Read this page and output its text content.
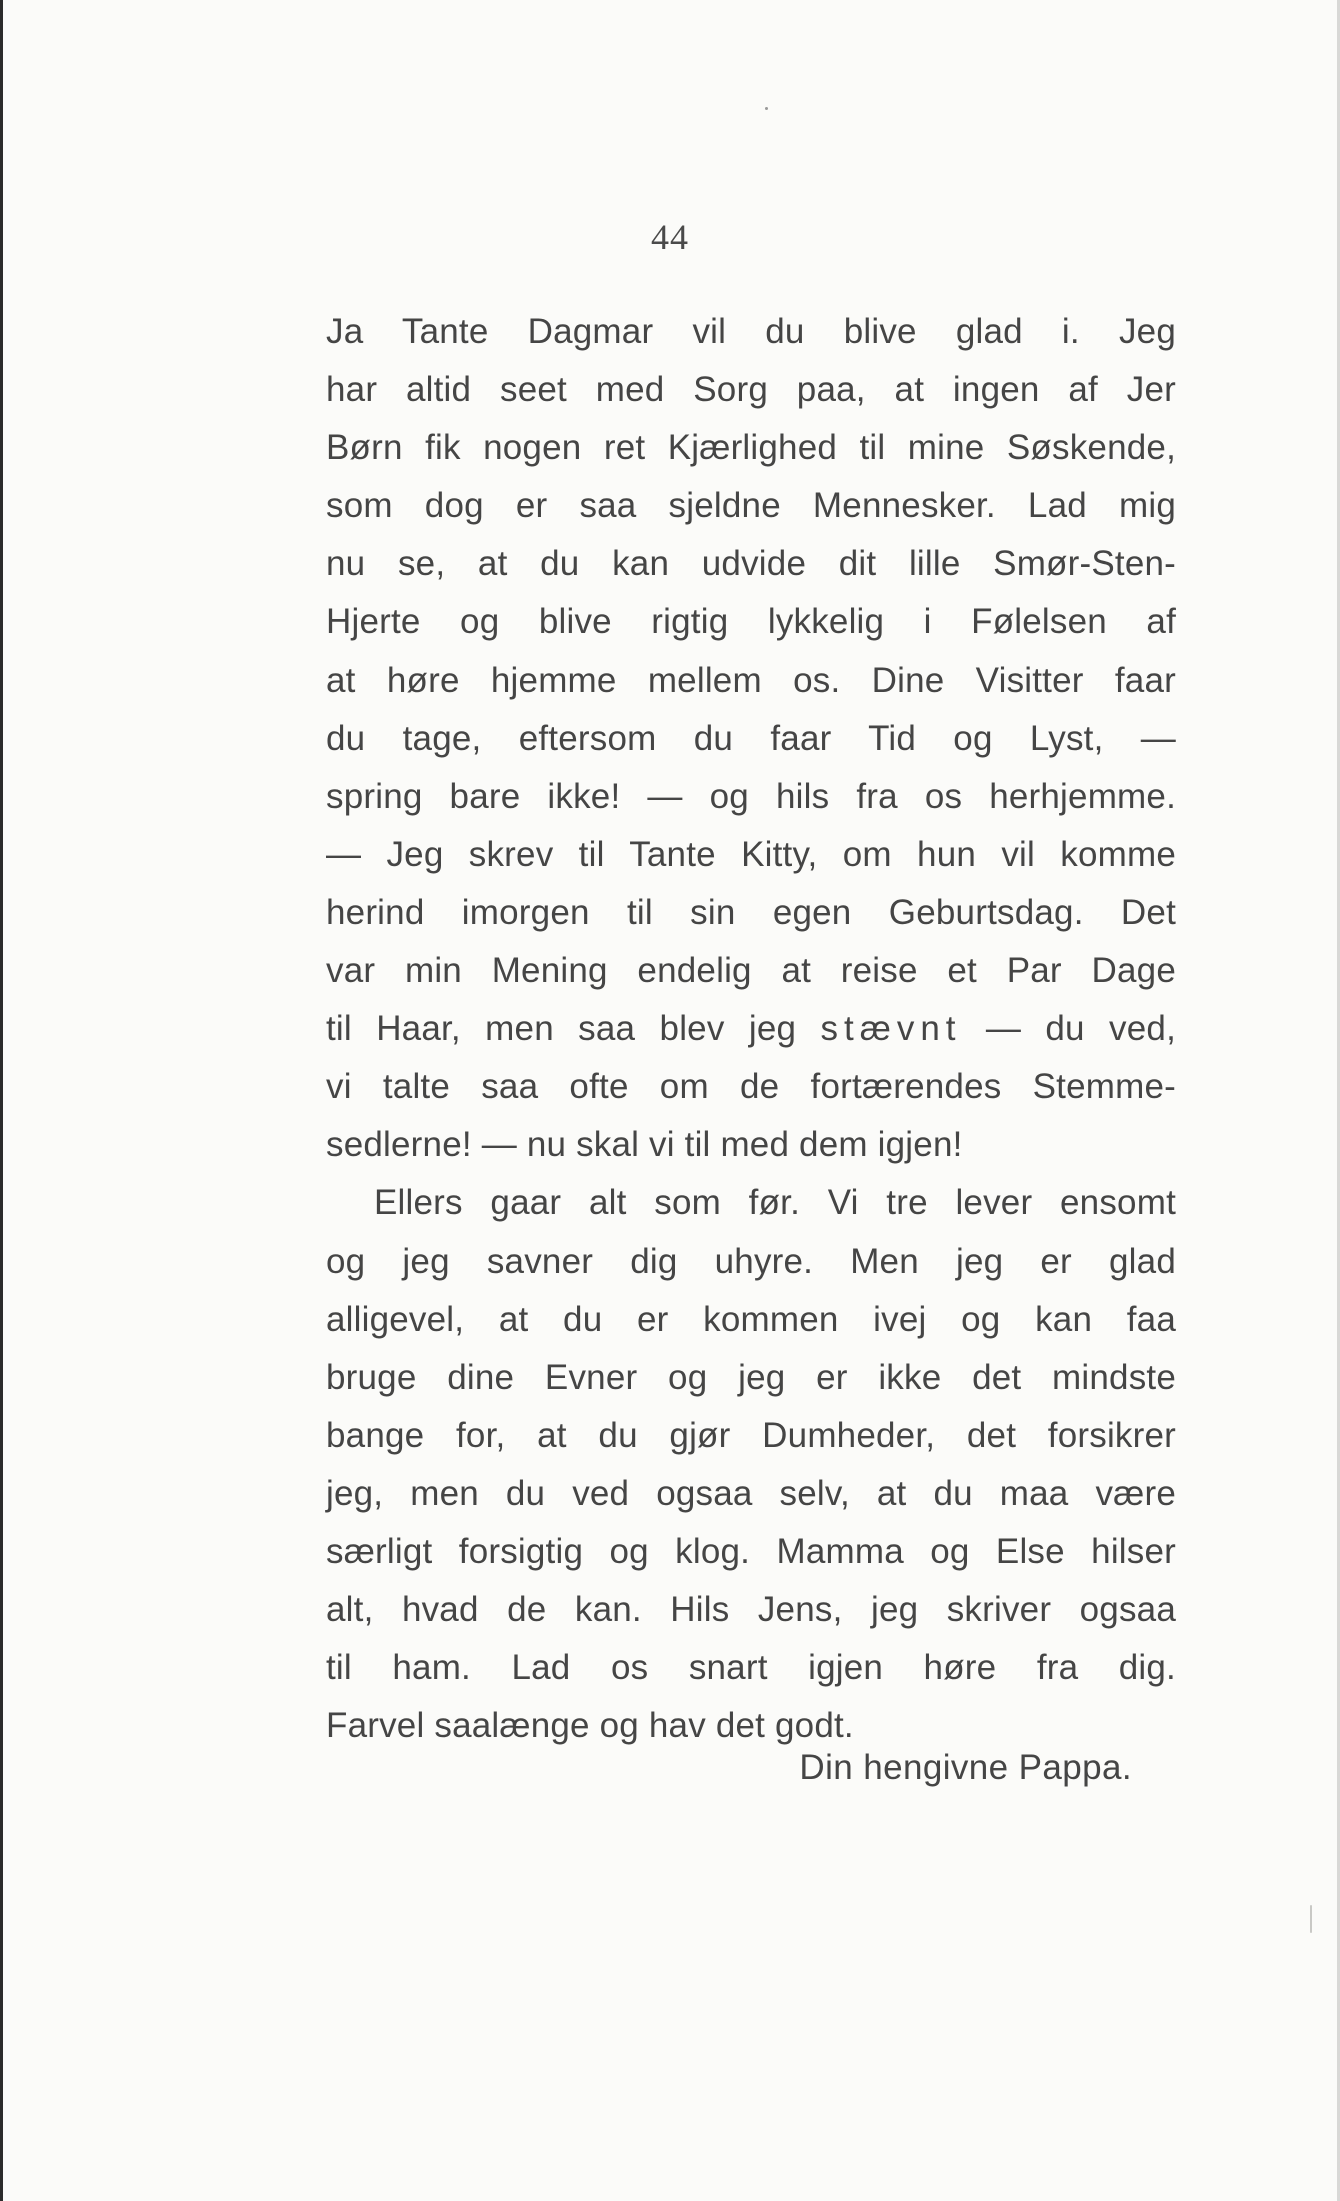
44
Ja Tante Dagmar vil du blive glad i. Jeg
har altid seet med Sorg paa, at ingen af Jer
Børn fik nogen ret Kjærlighed til mine Søskende,
som dog er saa sjeldne Mennesker. Lad mig
nu se, at du kan udvide dit lille Smør-Sten-
Hjerte og blive rigtig lykkelig i Følelsen af
at høre hjemme mellem os. Dine Visitter faar
du tage, eftersom du faar Tid og Lyst, —
spring bare ikke! — og hils fra os herhjemme.
— Jeg skrev til Tante Kitty, om hun vil komme
herind imorgen til sin egen Geburtsdag. Det
var min Mening endelig at reise et Par Dage
til Haar, men saa blev jeg stævnt — du ved,
vi talte saa ofte om de fortærendes Stemme-
sedlerne! — nu skal vi til med dem igjen!
Ellers gaar alt som før. Vi tre lever ensomt
og jeg savner dig uhyre. Men jeg er glad
alligevel, at du er kommen ivej og kan faa
bruge dine Evner og jeg er ikke det mindste
bange for, at du gjør Dumheder, det forsikrer
jeg, men du ved ogsaa selv, at du maa være
særligt forsigtig og klog. Mamma og Else hilser
alt, hvad de kan. Hils Jens, jeg skriver ogsaa
til ham. Lad os snart igjen høre fra dig.
Farvel saalænge og hav det godt.
Din hengivne Pappa.
